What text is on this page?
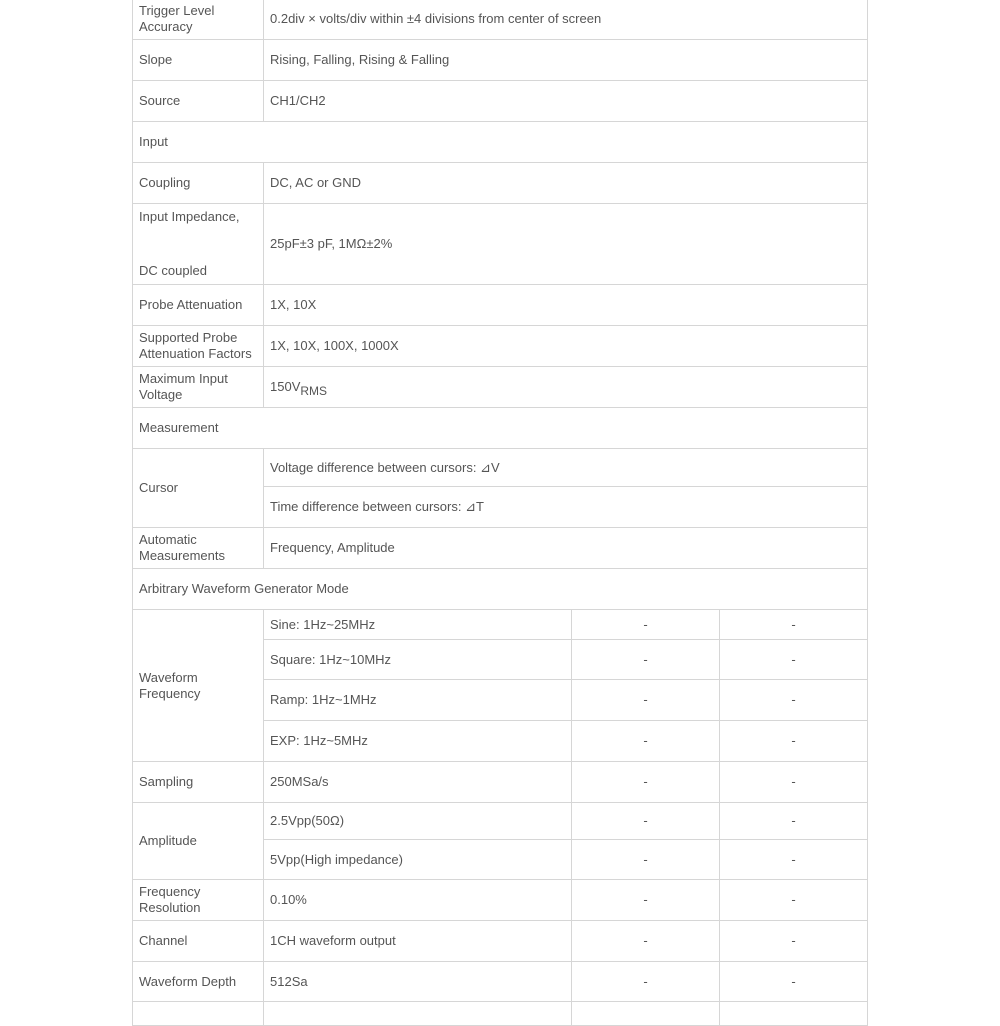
Trigger Level Accuracy	0.2div × volts/div within ±4 divisions from center of screen		
Slope	Rising, Falling, Rising & Falling		
Source	CH1/CH2		
Input			
Coupling	DC, AC or GND		

Input Impedance,
DC coupled	25pF±3 pF, 1MΩ±2%		
Probe Attenuation	1X, 10X		
Supported Probe Attenuation Factors	1X, 10X, 100X, 1000X		
Maximum Input Voltage	150VRMS		
Measurement			
Cursor	Voltage difference between cursors: ⊿V		
	Time difference between cursors: ⊿T		
Automatic Measurements	Frequency, Amplitude		
Arbitrary Waveform Generator Mode			
Waveform Frequency	Sine: 1Hz~25MHz	-	-
	Square: 1Hz~10MHz	-	-
	Ramp: 1Hz~1MHz	-	-
	EXP: 1Hz~5MHz	-	-
Sampling	250MSa/s	-	-
Amplitude	2.5Vpp(50Ω)	-	-
	5Vpp(High impedance)	-	-
Frequency Resolution	0.10%	-	-
Channel	1CH waveform output	-	-
Waveform Depth	512Sa	-	-
